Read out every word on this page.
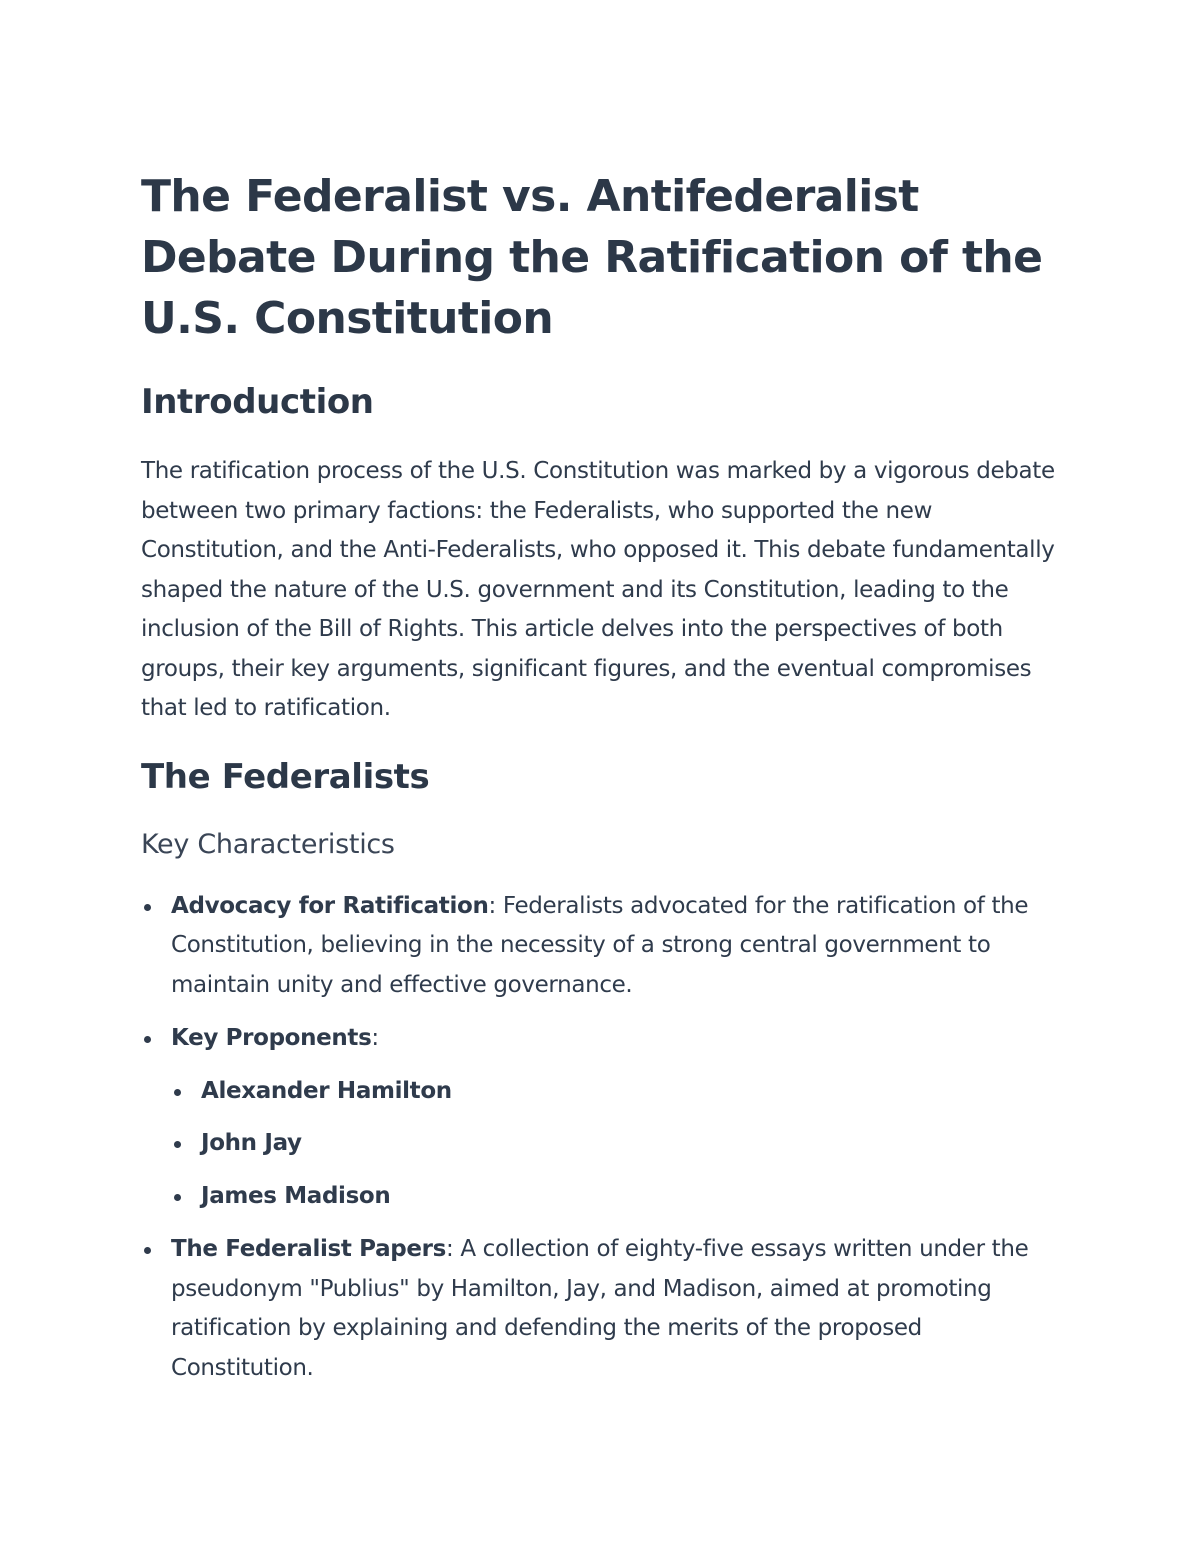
The Federalist vs. Antifederalist Debate During the Ratification of the U.S. Constitution
Introduction

The ratification process of the U.S. Constitution was marked by a vigorous debate between two primary factions: the Federalists, who supported the new Constitution, and the Anti-Federalists, who opposed it. This debate fundamentally shaped the nature of the U.S. government and its Constitution, leading to the inclusion of the Bill of Rights. This article delves into the perspectives of both groups, their key arguments, significant figures, and the eventual compromises that led to ratification.

The Federalists
Key Characteristics
Advocacy for Ratification: Federalists advocated for the ratification of the Constitution, believing in the necessity of a strong central government to maintain unity and effective governance.
Key Proponents:
Alexander Hamilton
John Jay
James Madison
The Federalist Papers: A collection of eighty-five essays written under the pseudonym "Publius" by Hamilton, Jay, and Madison, aimed at promoting ratification by explaining and defending the merits of the proposed Constitution.
